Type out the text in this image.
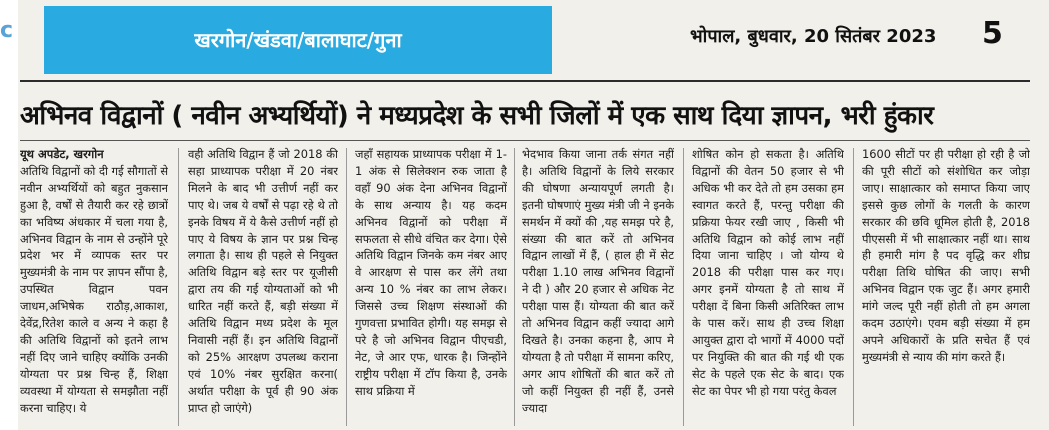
c	खरगोन/खंडवा/बालाघाट/गुना	भोपाल, बुधवार, 20 सितंबर 2023 5
अभिनव विद्वानों ( नवीन अभ्यर्थियों) ने मध्यप्रदेश के सभी जिलों में एक साथ दिया ज्ञापन, भरी हुंकार

यूथ अपडेट, खरगोन

अतिथि विद्वानों को दी गई सौगातों से नवीन अभ्यर्थियों को बहुत नुकसान हुआ है, वर्षों से तैयारी कर रहे छात्रों का भविष्य अंधकार में चला गया है, अभिनव विद्वान के नाम से उन्होंने पूरे प्रदेश भर में व्यापक स्तर पर मुख्यमंत्री के नाम पर ज्ञापन सौंपा है, उपस्थित विद्वान पवन जाधम,अभिषेक राठौड़,आकाश, देवेंद्र,रितेश काले व अन्य ने कहा है की अतिथि विद्वानों को इतने लाभ नहीं दिए जाने चाहिए क्योंकि उनकी योग्यता पर प्रश्न चिन्ह हैं, शिक्षा व्यवस्था में योग्यता से समझौता नहीं करना चाहिए। ये

वही अतिथि विद्वान हैं जो 2018 की सहा प्राध्यापक परीक्षा में 20 नंबर मिलने के बाद भी उत्तीर्ण नहीं कर पाए थे। जब ये वर्षों से पढ़ा रहे थे तो इनके विषय में ये कैसे उत्तीर्ण नहीं हो पाए ये विषय के ज्ञान पर प्रश्न चिन्ह लगाता है। साथ ही पहले से नियुक्त अतिथि विद्वान बड़े स्तर पर यूजीसी द्वारा तय की गई योग्यताओं को भी धारित नहीं करते हैं, बड़ी संख्या में अतिथि विद्वान मध्य प्रदेश के मूल निवासी नहीं हैं। इन अतिथि विद्वानों को 25% आरक्षण उपलब्ध कराना एवं 10% नंबर सुरक्षित करना( अर्थात परीक्षा के पूर्व ही 90 अंक प्राप्त हो जाएंगे)

जहाँ सहायक प्राध्यापक परीक्षा में 1-1 अंक से सिलेक्शन रुक जाता है वहाँ 90 अंक देना अभिनव विद्वानों के साथ अन्याय है। यह कदम अभिनव विद्वानों को परीक्षा में सफलता से सीधे वंचित कर देगा। ऐसे अतिथि विद्वान जिनके कम नंबर आए वे आरक्षण से पास कर लेंगे तथा अन्य 10 % नंबर का लाभ लेकर। जिससे उच्च शिक्षण संस्थाओं की गुणवत्ता प्रभावित होगी। यह समझ से परे है जो अभिनव विद्वान पीएचडी, नेट, जे आर एफ, धारक है। जिन्होंने राष्ट्रीय परीक्षा में टॉप किया है, उनके साथ प्रक्रिया में

भेदभाव किया जाना तर्क संगत नहीं है। अतिथि विद्वानों के लिये सरकार की घोषणा अन्यायपूर्ण लगती है। इतनी घोषणाएं मुख्य मंत्री जी ने इनके समर्थन में क्यों की ,यह समझ परे है, संख्या की बात करें तो अभिनव विद्वान लाखों में हैं, ( हाल ही में सेट परीक्षा 1.10 लाख अभिनव विद्वानों ने दी ) और 20 हजार से अधिक नेट परीक्षा पास हैं। योग्यता की बात करें तो अभिनव विद्वान कहीं ज्यादा आगे दिखते है। उनका कहना है, आप मे योग्यता है तो परीक्षा में सामना करिए, अगर आप शोषितों की बात करें तो जो कहीं नियुक्त ही नहीं हैं, उनसे ज्यादा

शोषित कोन हो सकता है। अतिथि विद्वानों की वेतन 50 हजार से भी अधिक भी कर देते तो हम उसका हम स्वागत करते हैं, परन्तु परीक्षा की प्रक्रिया फेयर रखी जाए , किसी भी अतिथि विद्वान को कोई लाभ नहीं दिया जाना चाहिए । जो योग्य थे 2018 की परीक्षा पास कर गए। अगर इनमें योग्यता है तो साथ में परीक्षा दें बिना किसी अतिरिक्त लाभ के पास करें। साथ ही उच्च शिक्षा आयुक्त द्वारा दो भागों में 4000 पदों पर नियुक्ति की बात की गई थी एक सेट के पहले एक सेट के बाद। एक सेट का पेपर भी हो गया परंतु केवल

1600 सीटों पर ही परीक्षा हो रही है जो की पूरी सीटों को संशोधित कर जोड़ा जाए। साक्षात्कार को समाप्त किया जाए इससे कुछ लोगों के गलती के कारण सरकार की छवि धूमिल होती है, 2018 पीएससी में भी साक्षात्कार नहीं था। साथ ही हमारी मांग है पद वृद्धि कर शीघ्र परीक्षा तिथि घोषित की जाए। सभी अभिनव विद्वान एक जुट हैं। अगर हमारी मांगे जल्द पूरी नहीं होती तो हम अगला कदम उठाएंगे। एवम बड़ी संख्या में हम अपने अधिकारों के प्रति सचेत हैं एवं मुख्यमंत्री से न्याय की मांग करते हैं।
